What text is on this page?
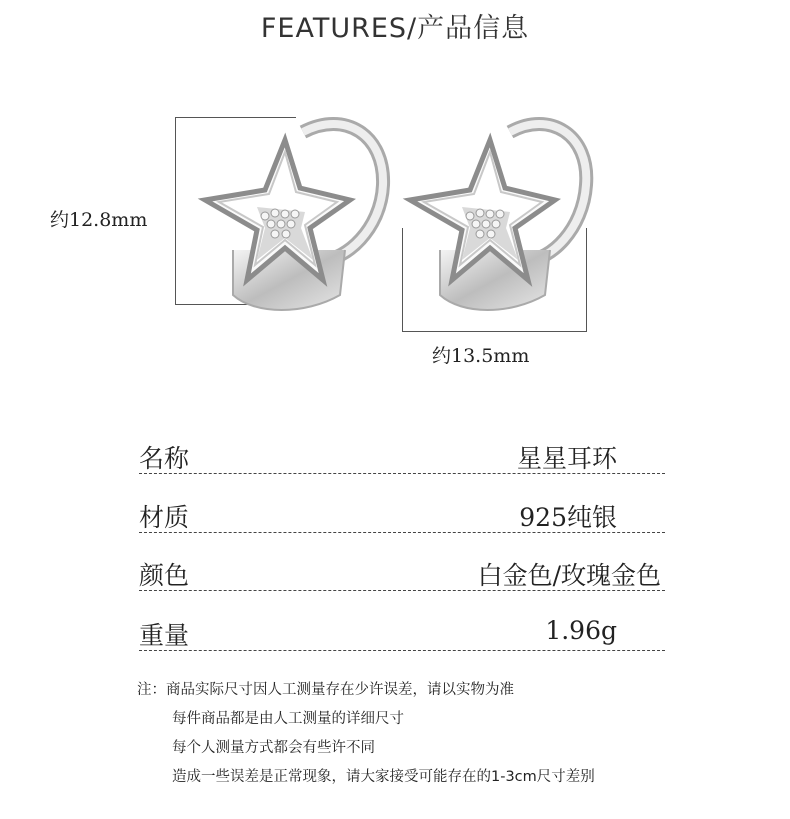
FEATURES/产品信息
约12.8mm
约13.5mm
名称	星星耳环
材质	925纯银
颜色	白金色/玫瑰金色
重量	1.96g
注：商品实际尺寸因人工测量存在少许误差，请以实物为准
每件商品都是由人工测量的详细尺寸
每个人测量方式都会有些许不同
造成一些误差是正常现象，请大家接受可能存在的1-3cm尺寸差别
